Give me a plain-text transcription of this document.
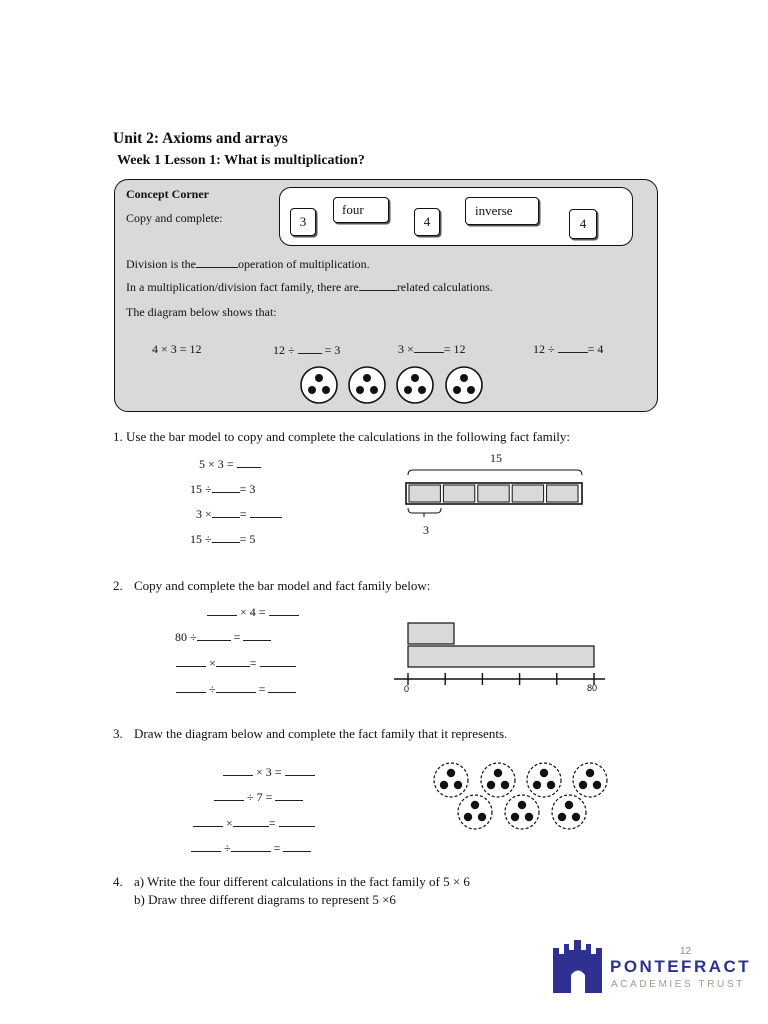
Unit 2: Axioms and arrays
Week 1 Lesson 1: What is multiplication?
Concept Corner
Copy and complete:	3
four
4
inverse
4
Division is the	operation of multiplication.
In a multiplication/division fact family, there are	related calculations.
The diagram below shows that:
4 × 3 = 12	12 ÷	= 3	3 ×	= 12	12 ÷	= 4
1. Use the bar model to copy and complete the calculations in the following fact family:
5 × 3 =
15 ÷ = 3
3 × =
15 ÷ = 5
15
3
2. Copy and complete the bar model and fact family below:
× 4 =
80 ÷	=
×	=
÷	=	0	80
3. Draw the diagram below and complete the fact family that it represents.
× 3 =
÷ 7 =
×	=
÷	=
4. a) Write the four different calculations in the fact family of 5 × 6
b) Draw three different diagrams to represent 5 ×6
12
PONTEFRACT
ACADEMIES TRUST
